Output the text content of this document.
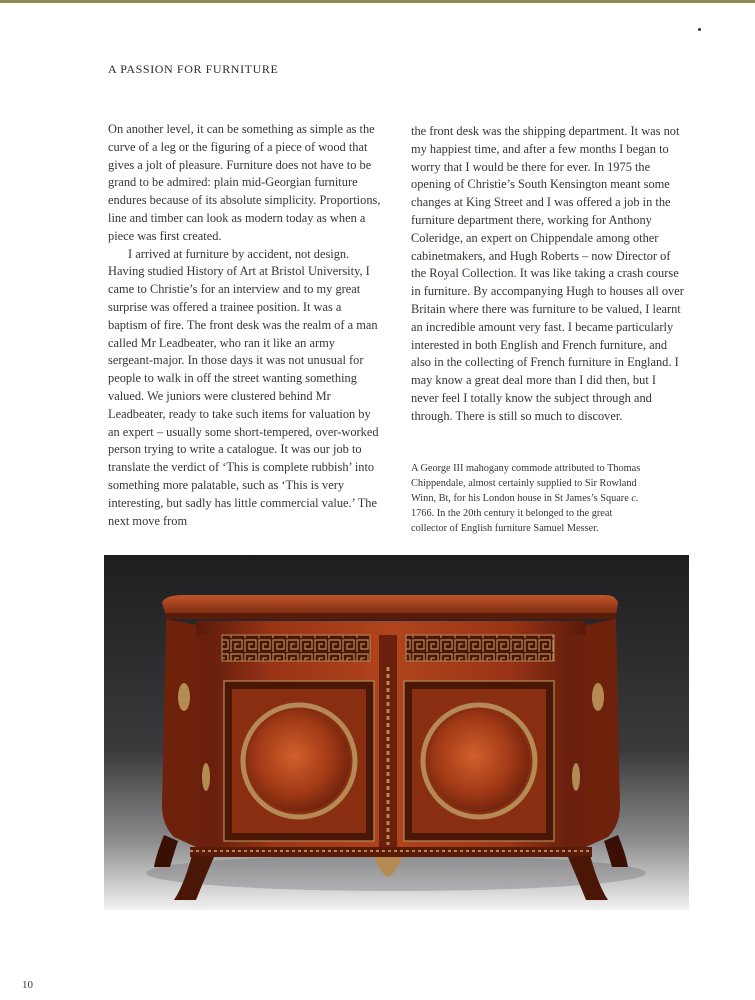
A PASSION FOR FURNITURE

On another level, it can be something as simple as the curve of a leg or the figuring of a piece of wood that gives a jolt of pleasure. Furniture does not have to be grand to be admired: plain mid-Georgian furniture endures because of its absolute simplicity. Proportions, line and timber can look as modern today as when a piece was first created.

I arrived at furniture by accident, not design. Having studied History of Art at Bristol University, I came to Christie’s for an interview and to my great surprise was offered a trainee position. It was a baptism of fire. The front desk was the realm of a man called Mr Leadbeater, who ran it like an army sergeant-major. In those days it was not unusual for people to walk in off the street wanting something valued. We juniors were clustered behind Mr Leadbeater, ready to take such items for valuation by an expert – usually some short-tempered, over-worked person trying to write a catalogue. It was our job to translate the verdict of ‘This is complete rubbish’ into something more palatable, such as ‘This is very interesting, but sadly has little commercial value.’ The next move from

the front desk was the shipping department. It was not my happiest time, and after a few months I began to worry that I would be there for ever. In 1975 the opening of Christie’s South Kensington meant some changes at King Street and I was offered a job in the furniture department there, working for Anthony Coleridge, an expert on Chippendale among other cabinetmakers, and Hugh Roberts – now Director of the Royal Collection. It was like taking a crash course in furniture. By accompanying Hugh to houses all over Britain where there was furniture to be valued, I learnt an incredible amount very fast. I became particularly interested in both English and French furniture, and also in the collecting of French furniture in England. I may know a great deal more than I did then, but I never feel I totally know the subject through and through. There is still so much to discover.

A George III mahogany commode attributed to Thomas Chippendale, almost certainly supplied to Sir Rowland Winn, Bt, for his London house in St James’s Square c. 1766. In the 20th century it belonged to the great collector of English furniture Samuel Messer.
10
